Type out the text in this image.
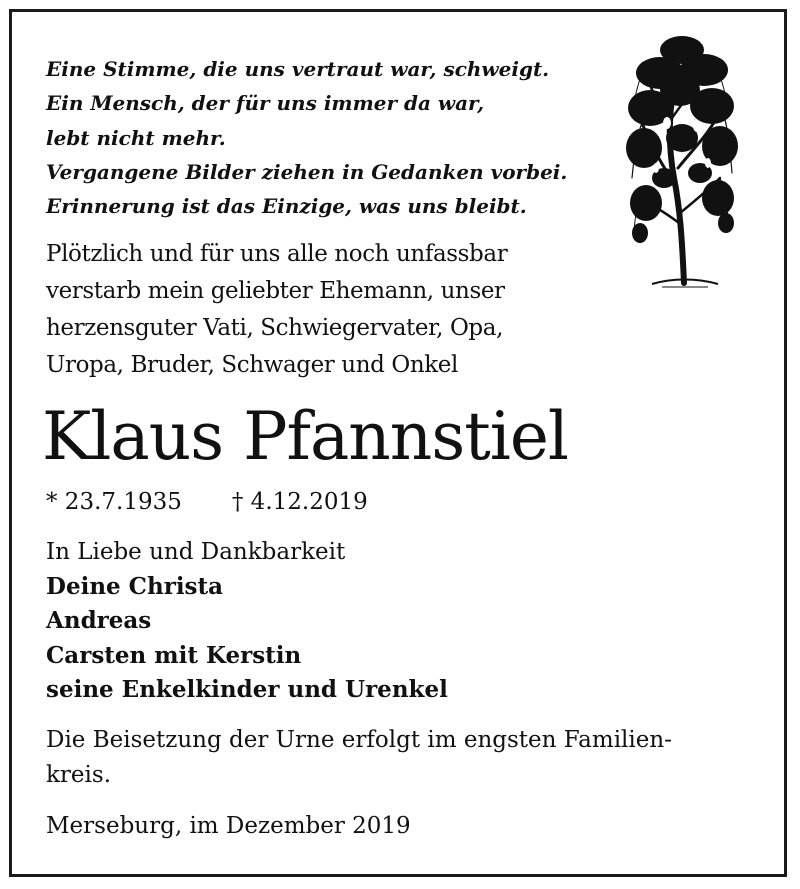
Eine Stimme, die uns vertraut war, schweigt.
Ein Mensch, der für uns immer da war,
lebt nicht mehr.
Vergangene Bilder ziehen in Gedanken vorbei.
Erinnerung ist das Einzige, was uns bleibt.
Plötzlich und für uns alle noch unfassbar
verstarb mein geliebter Ehemann, unser
herzensguter Vati, Schwiegervater, Opa,
Uropa, Bruder, Schwager und Onkel
Klaus Pfannstiel
* 23.7.1935 † 4.12.2019
In Liebe und Dankbarkeit
Deine Christa
Andreas
Carsten mit Kerstin
seine Enkelkinder und Urenkel
Die Beisetzung der Urne erfolgt im engsten Familien-
kreis.
Merseburg, im Dezember 2019
